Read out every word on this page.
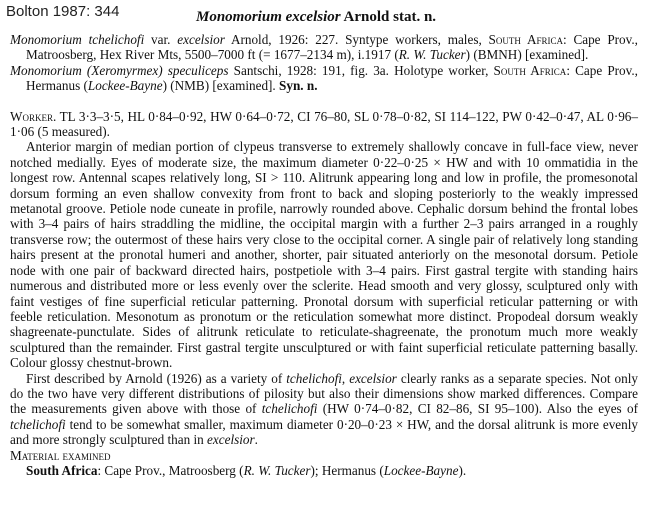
Bolton 1987: 344	Monomorium excelsior Arnold stat. n.

Monomorium tchelichofi var. excelsior Arnold, 1926: 227. Syntype workers, males, South Africa: Cape Prov., Matroosberg, Hex River Mts, 5500–7000 ft (= 1677–2134 m), i.1917 (R. W. Tucker) (BMNH) [examined].

Monomorium (Xeromyrmex) speculiceps Santschi, 1928: 191, fig. 3a. Holotype worker, South Africa: Cape Prov., Hermanus (Lockee-Bayne) (NMB) [examined]. Syn. n.

Worker. TL 3·3–3·5, HL 0·84–0·92, HW 0·64–0·72, CI 76–80, SL 0·78–0·82, SI 114–122, PW 0·42–0·47, AL 0·96–1·06 (5 measured).

Anterior margin of median portion of clypeus transverse to extremely shallowly concave in full-face view, never notched medially. Eyes of moderate size, the maximum diameter 0·22–0·25 × HW and with 10 ommatidia in the longest row. Antennal scapes relatively long, SI > 110. Alitrunk appearing long and low in profile, the promesonotal dorsum forming an even shallow convexity from front to back and sloping posteriorly to the weakly impressed metanotal groove. Petiole node cuneate in profile, narrowly rounded above. Cephalic dorsum behind the frontal lobes with 3–4 pairs of hairs straddling the midline, the occipital margin with a further 2–3 pairs arranged in a roughly transverse row; the outermost of these hairs very close to the occipital corner. A single pair of relatively long standing hairs present at the pronotal humeri and another, shorter, pair situated anteriorly on the mesonotal dorsum. Petiole node with one pair of backward directed hairs, postpetiole with 3–4 pairs. First gastral tergite with standing hairs numerous and distributed more or less evenly over the sclerite. Head smooth and very glossy, sculptured only with faint vestiges of fine superficial reticular patterning. Pronotal dorsum with superficial reticular patterning or with feeble reticulation. Mesonotum as pronotum or the reticulation somewhat more distinct. Propodeal dorsum weakly shagreenate-punctulate. Sides of alitrunk reticulate to reticulate-shagreenate, the pronotum much more weakly sculptured than the remainder. First gastral tergite unsculptured or with faint superficial reticulate patterning basally. Colour glossy chestnut-brown.

First described by Arnold (1926) as a variety of tchelichofi, excelsior clearly ranks as a separate species. Not only do the two have very different distributions of pilosity but also their dimensions show marked differences. Compare the measurements given above with those of tchelichofi (HW 0·74–0·82, CI 82–86, SI 95–100). Also the eyes of tchelichofi tend to be somewhat smaller, maximum diameter 0·20–0·23 × HW, and the dorsal alitrunk is more evenly and more strongly sculptured than in excelsior.

Material examined

South Africa: Cape Prov., Matroosberg (R. W. Tucker); Hermanus (Lockee-Bayne).
